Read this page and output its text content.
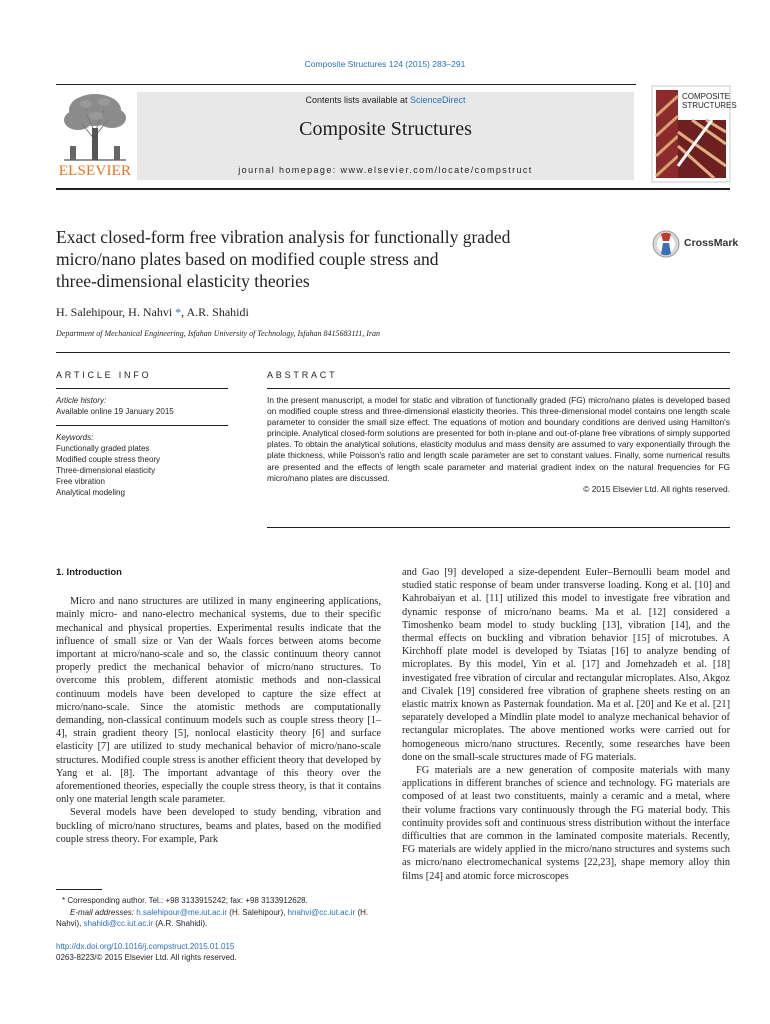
Composite Structures 124 (2015) 283–291
ELSEVIER
Contents lists available at ScienceDirect
Composite Structures
journal homepage: www.elsevier.com/locate/compstruct
COMPOSITE
STRUCTURES
Exact closed-form free vibration analysis for functionally graded
micro/nano plates based on modified couple stress and
three-dimensional elasticity theories
CrossMark
H. Salehipour, H. Nahvi *, A.R. Shahidi
Department of Mechanical Engineering, Isfahan University of Technology, Isfahan 8415683111, Iran
ARTICLE INFO	ABSTRACT
Article history:
Available online 19 January 2015
Keywords:
Functionally graded plates
Modified couple stress theory
Three-dimensional elasticity
Free vibration
Analytical modeling
In the present manuscript, a model for static and vibration of functionally graded (FG) micro/nano plates is developed based on modified couple stress and three-dimensional elasticity theories. This three-dimensional model contains one length scale parameter to consider the small size effect. The equations of motion and boundary conditions are derived using Hamilton's principle. Analytical closed-form solutions are presented for both in-plane and out-of-plane free vibrations of simply supported plates. To obtain the analytical solutions, elasticity modulus and mass density are assumed to vary exponentially through the plate thickness, while Poisson's ratio and length scale parameter are set to constant values. Finally, some numerical results are presented and the effects of length scale parameter and material gradient index on the natural frequencies for FG micro/nano plates are discussed.
© 2015 Elsevier Ltd. All rights reserved.
1. Introduction

Micro and nano structures are utilized in many engineering applications, mainly micro- and nano-electro mechanical systems, due to their specific mechanical and physical properties. Experimental results indicate that the influence of small size or Van der Waals forces between atoms become important at micro/nano-scale and so, the classic continuum theory cannot properly predict the mechanical behavior of micro/nano structures. To overcome this problem, different atomistic methods and non-classical continuum models have been developed to capture the size effect at micro/nano-scale. Since the atomistic methods are computationally demanding, non-classical continuum models such as couple stress theory [1–4], strain gradient theory [5], nonlocal elasticity theory [6] and surface elasticity [7] are utilized to study mechanical behavior of micro/nano-scale structures. Modified couple stress is another efficient theory that developed by Yang et al. [8]. The important advantage of this theory over the aforementioned theories, especially the couple stress theory, is that it contains only one material length scale parameter.

Several models have been developed to study bending, vibration and buckling of micro/nano structures, beams and plates, based on the modified couple stress theory. For example, Park

* Corresponding author. Tel.: +98 3133915242; fax: +98 3133912628.
E-mail addresses: h.salehipour@me.iut.ac.ir (H. Salehipour), hnahvi@cc.iut.ac.ir (H. Nahvi), shahidi@cc.iut.ac.ir (A.R. Shahidi).
http://dx.doi.org/10.1016/j.compstruct.2015.01.015
0263-8223/© 2015 Elsevier Ltd. All rights reserved.

and Gao [9] developed a size-dependent Euler–Bernoulli beam model and studied static response of beam under transverse loading. Kong et al. [10] and Kahrobaiyan et al. [11] utilized this model to investigate free vibration and dynamic response of micro/nano beams. Ma et al. [12] considered a Timoshenko beam model to study buckling [13], vibration [14], and the thermal effects on buckling and vibration behavior [15] of microtubes. A Kirchhoff plate model is developed by Tsiatas [16] to analyze bending of microplates. By this model, Yin et al. [17] and Jomehzadeh et al. [18] investigated free vibration of circular and rectangular microplates. Also, Akgoz and Civalek [19] considered free vibration of graphene sheets resting on an elastic matrix known as Pasternak foundation. Ma et al. [20] and Ke et al. [21] separately developed a Mindlin plate model to analyze mechanical behavior of rectangular microplates. The above mentioned works were carried out for homogeneous micro/nano structures. Recently, some researches have been done on the small-scale structures made of FG materials.

FG materials are a new generation of composite materials with many applications in different branches of science and technology. FG materials are composed of at least two constituents, mainly a ceramic and a metal, where their volume fractions vary continuously through the FG material body. This continuity provides soft and continuous stress distribution without the interface difficulties that are common in the laminated composite materials. Recently, FG materials are widely applied in the micro/nano structures and systems such as micro/nano electromechanical systems [22,23], shape memory alloy thin films [24] and atomic force microscopes
